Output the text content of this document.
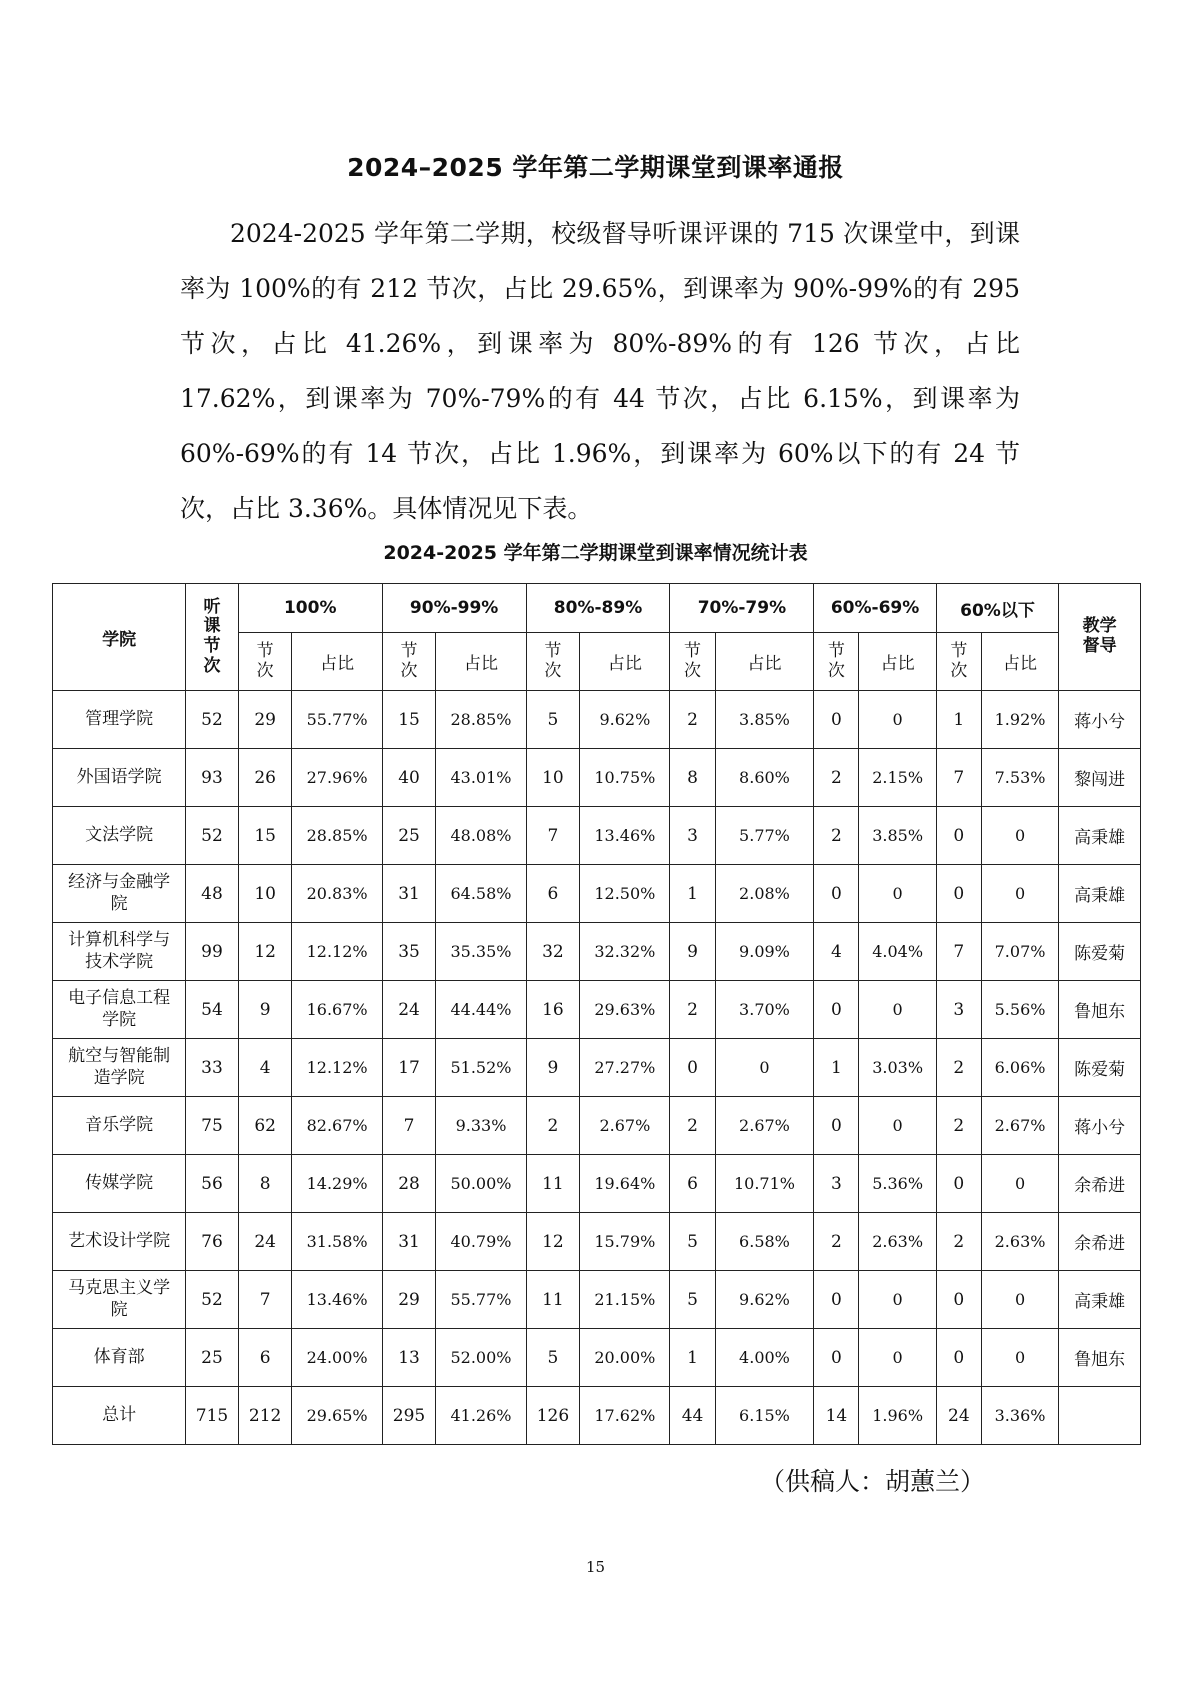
2024–2025 学年第二学期课堂到课率通报

2024-2025 学年第二学期，校级督导听课评课的 715 次课堂中，到课率为 100%的有 212 节次，占比 29.65%，到课率为 90%-99%的有 295 节次，占比 41.26%，到课率为 80%-89%的有 126 节次，占比 17.62%，到课率为 70%-79%的有 44 节次，占比 6.15%，到课率为 60%-69%的有 14 节次，占比 1.96%，到课率为 60%以下的有 24 节次，占比 3.36%。具体情况见下表。

2024-2025 学年第二学期课堂到课率情况统计表
学院	听课节次	100%		90%-99%		80%-89%		70%-79%		60%-69%		60%以下		教学督导
		节次	占比	节次	占比	节次	占比	节次	占比	节次	占比	节次	占比	
管理学院	52	29	55.77%	15	28.85%	5	9.62%	2	3.85%	0	0	1	1.92%	蒋小兮
外国语学院	93	26	27.96%	40	43.01%	10	10.75%	8	8.60%	2	2.15%	7	7.53%	黎闯进
文法学院	52	15	28.85%	25	48.08%	7	13.46%	3	5.77%	2	3.85%	0	0	高秉雄
经济与金融学院	48	10	20.83%	31	64.58%	6	12.50%	1	2.08%	0	0	0	0	高秉雄
计算机科学与技术学院	99	12	12.12%	35	35.35%	32	32.32%	9	9.09%	4	4.04%	7	7.07%	陈爱菊
电子信息工程学院	54	9	16.67%	24	44.44%	16	29.63%	2	3.70%	0	0	3	5.56%	鲁旭东
航空与智能制造学院	33	4	12.12%	17	51.52%	9	27.27%	0	0	1	3.03%	2	6.06%	陈爱菊
音乐学院	75	62	82.67%	7	9.33%	2	2.67%	2	2.67%	0	0	2	2.67%	蒋小兮
传媒学院	56	8	14.29%	28	50.00%	11	19.64%	6	10.71%	3	5.36%	0	0	余希进
艺术设计学院	76	24	31.58%	31	40.79%	12	15.79%	5	6.58%	2	2.63%	2	2.63%	余希进
马克思主义学院	52	7	13.46%	29	55.77%	11	21.15%	5	9.62%	0	0	0	0	高秉雄
体育部	25	6	24.00%	13	52.00%	5	20.00%	1	4.00%	0	0	0	0	鲁旭东
总计	715	212	29.65%	295	41.26%	126	17.62%	44	6.15%	14	1.96%	24	3.36%	
（供稿人：胡蕙兰）
15
